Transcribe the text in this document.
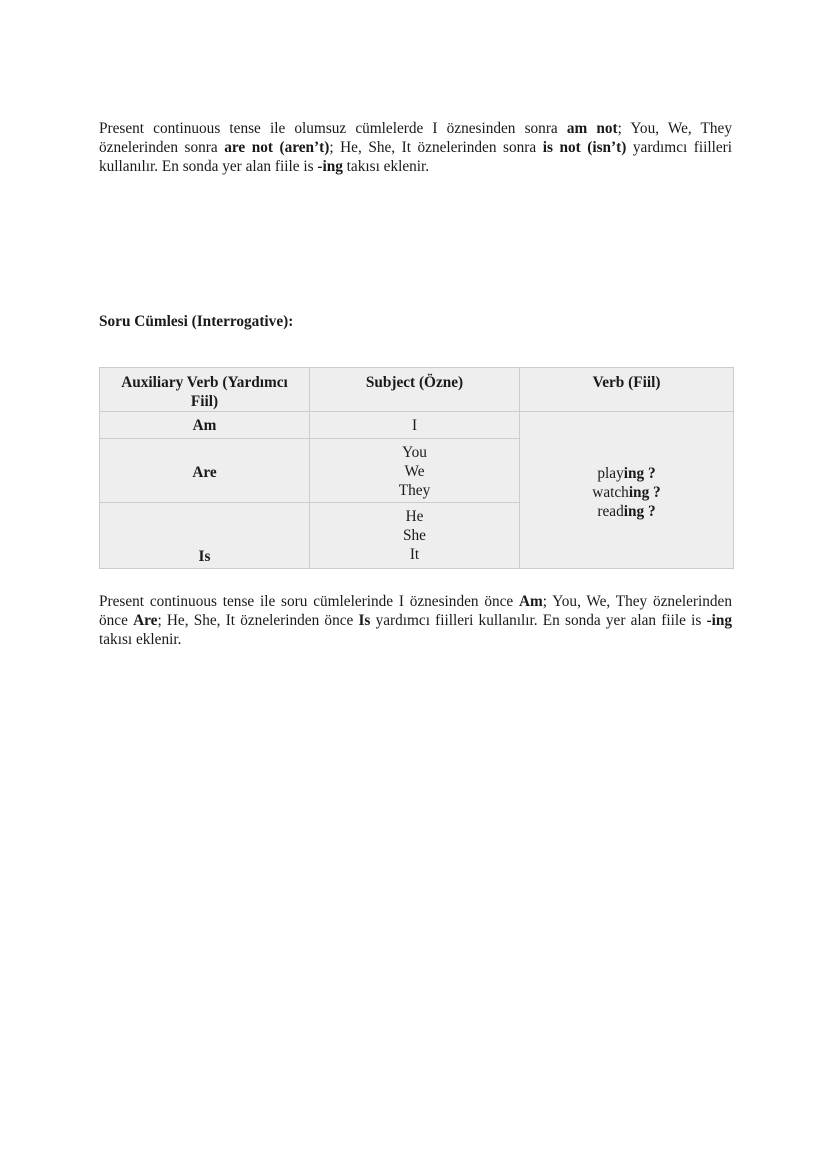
Present continuous tense ile olumsuz cümlelerde I öznesinden sonra am not; You, We, They öznelerinden sonra are not (aren’t); He, She, It öznelerinden sonra is not (isn’t) yardımcı fiilleri kullanılır. En sonda yer alan fiile is -ing takısı eklenir.

Soru Cümlesi (Interrogative):

Auxiliary Verb (Yardımcı Fiil)	Subject (Özne)	Verb (Fiil)
Am	I	playing ?
watching ?
reading ?

Are	You
We
They	

Is	He
She
It	

Present continuous tense ile soru cümlelerinde I öznesinden önce Am; You, We, They öznelerinden önce Are; He, She, It öznelerinden önce Is yardımcı fiilleri kullanılır. En sonda yer alan fiile is -ing takısı eklenir.
